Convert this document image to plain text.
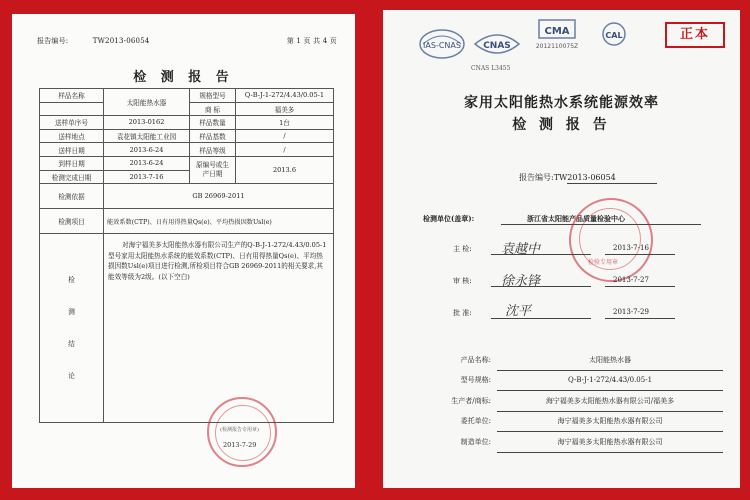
报告编号:	TW2013-06054	第 1 页 共 4 页
检 测 报 告
样品名称	太阳能热水器	规格型号	Q-B-J-1-272/4.43/0.05-1
		商 标	福美多
送样单序号	2013-0162	样品数量	1台
送样地点	袁花镇太阳能工业园	样品基数	/
送样日期	2013-6-24	样品等级	/
到样日期	2013-6-24	原编号或生产日期	2013.6
检测完成日期	2013-7-16		
检测依据	GB 26969-2011		
检测项目	能效系数(CTP)、日有用得热量Qs(e)、平均热损因数Usl(e)		

检 测 结 论	对海宁福美多太阳能热水器有限公司生产的Q-B-J-1-272/4.43/0.05-1型号家用太阳能热水系统的能效系数(CTP)、日有用得热量Qs(e)、平均热损因数Usl(e)项目进行检测,所检项目符合GB 26969-2011的相关要求,其能效等级为2级。(以下空白)		
(检测报告专用章)
2013-7-29
IAS-CNAS CNAS
CNAS L3455
CMA
2012110075Z
CAL	正本
家用太阳能热水系统能源效率
检 测 报 告
报告编号:TW2013-06054
检测单位(盖章):	浙江省太阳能产品质量检验中心
检验专用章
主 检: 袁越中	2013-7-16
审 核: 徐永锋	2013-7-27
批 准:	沈平	2013-7-29
产品名称:	太阳能热水器
型号规格:	Q-B-J-1-272/4.43/0.05-1
生产者/商标:	海宁福美多太阳能热水器有限公司/福美多
委托单位:	海宁福美多太阳能热水器有限公司
制造单位:	海宁福美多太阳能热水器有限公司
